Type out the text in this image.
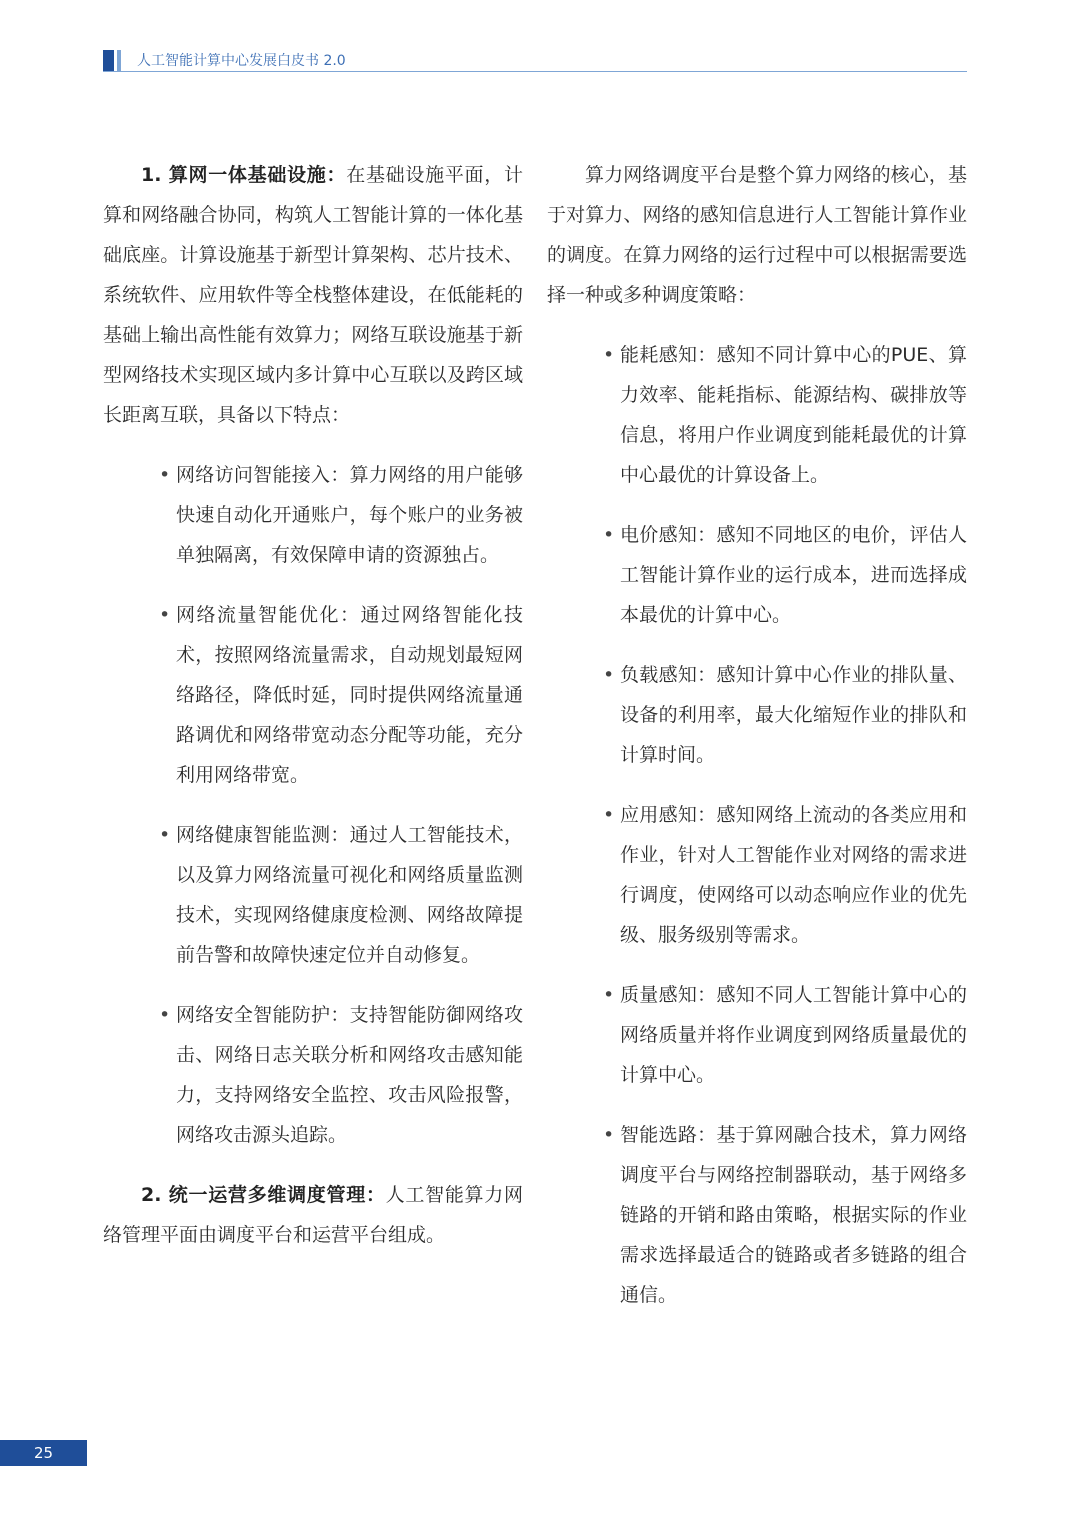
人工智能计算中心发展白皮书 2.0

1. 算网一体基础设施：在基础设施平面，计算和网络融合协同，构筑人工智能计算的一体化基础底座。计算设施基于新型计算架构、芯片技术、系统软件、应用软件等全栈整体建设，在低能耗的基础上输出高性能有效算力；网络互联设施基于新型网络技术实现区域内多计算中心互联以及跨区域长距离互联，具备以下特点：

• 网络访问智能接入：算力网络的用户能够快速自动化开通账户，每个账户的业务被单独隔离，有效保障申请的资源独占。
• 网络流量智能优化：通过网络智能化技术，按照网络流量需求，自动规划最短网络路径，降低时延，同时提供网络流量通路调优和网络带宽动态分配等功能，充分利用网络带宽。
• 网络健康智能监测：通过人工智能技术，以及算力网络流量可视化和网络质量监测技术，实现网络健康度检测、网络故障提前告警和故障快速定位并自动修复。
• 网络安全智能防护：支持智能防御网络攻击、网络日志关联分析和网络攻击感知能力，支持网络安全监控、攻击风险报警，网络攻击源头追踪。

2. 统一运营多维调度管理：人工智能算力网络管理平面由调度平台和运营平台组成。

算力网络调度平台是整个算力网络的核心，基于对算力、网络的感知信息进行人工智能计算作业的调度。在算力网络的运行过程中可以根据需要选择一种或多种调度策略：

• 能耗感知：感知不同计算中心的PUE、算力效率、能耗指标、能源结构、碳排放等信息，将用户作业调度到能耗最优的计算中心最优的计算设备上。
• 电价感知：感知不同地区的电价，评估人工智能计算作业的运行成本，进而选择成本最优的计算中心。
• 负载感知：感知计算中心作业的排队量、设备的利用率，最大化缩短作业的排队和计算时间。
• 应用感知：感知网络上流动的各类应用和作业，针对人工智能作业对网络的需求进行调度，使网络可以动态响应作业的优先级、服务级别等需求。
• 质量感知：感知不同人工智能计算中心的网络质量并将作业调度到网络质量最优的计算中心。
• 智能选路：基于算网融合技术，算力网络调度平台与网络控制器联动，基于网络多链路的开销和路由策略，根据实际的作业需求选择最适合的链路或者多链路的组合通信。
25
